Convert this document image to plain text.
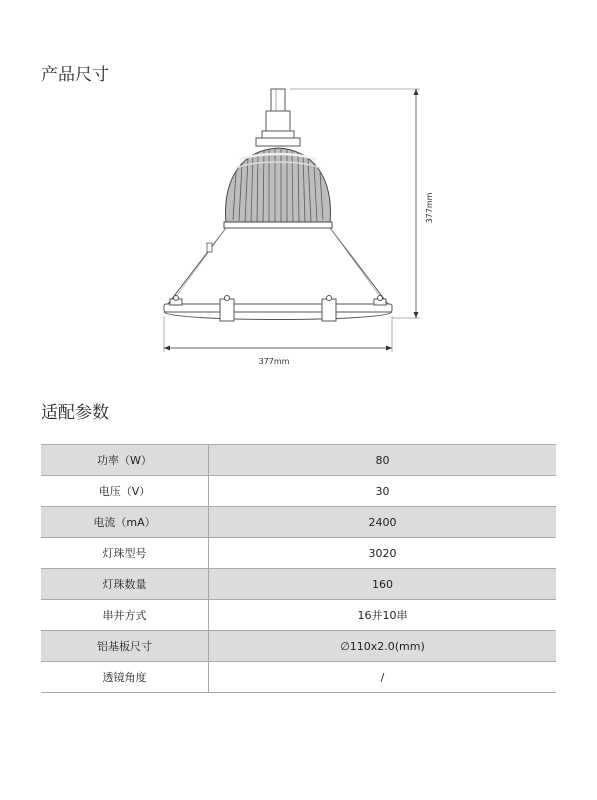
产品尺寸
377mm
377mm
适配参数
功率（W）	80
电压（V）	30
电流（mA）	2400
灯珠型号	3020
灯珠数量	160
串并方式	16并10串
铝基板尺寸	∅110x2.0(mm)
透镜角度	/
